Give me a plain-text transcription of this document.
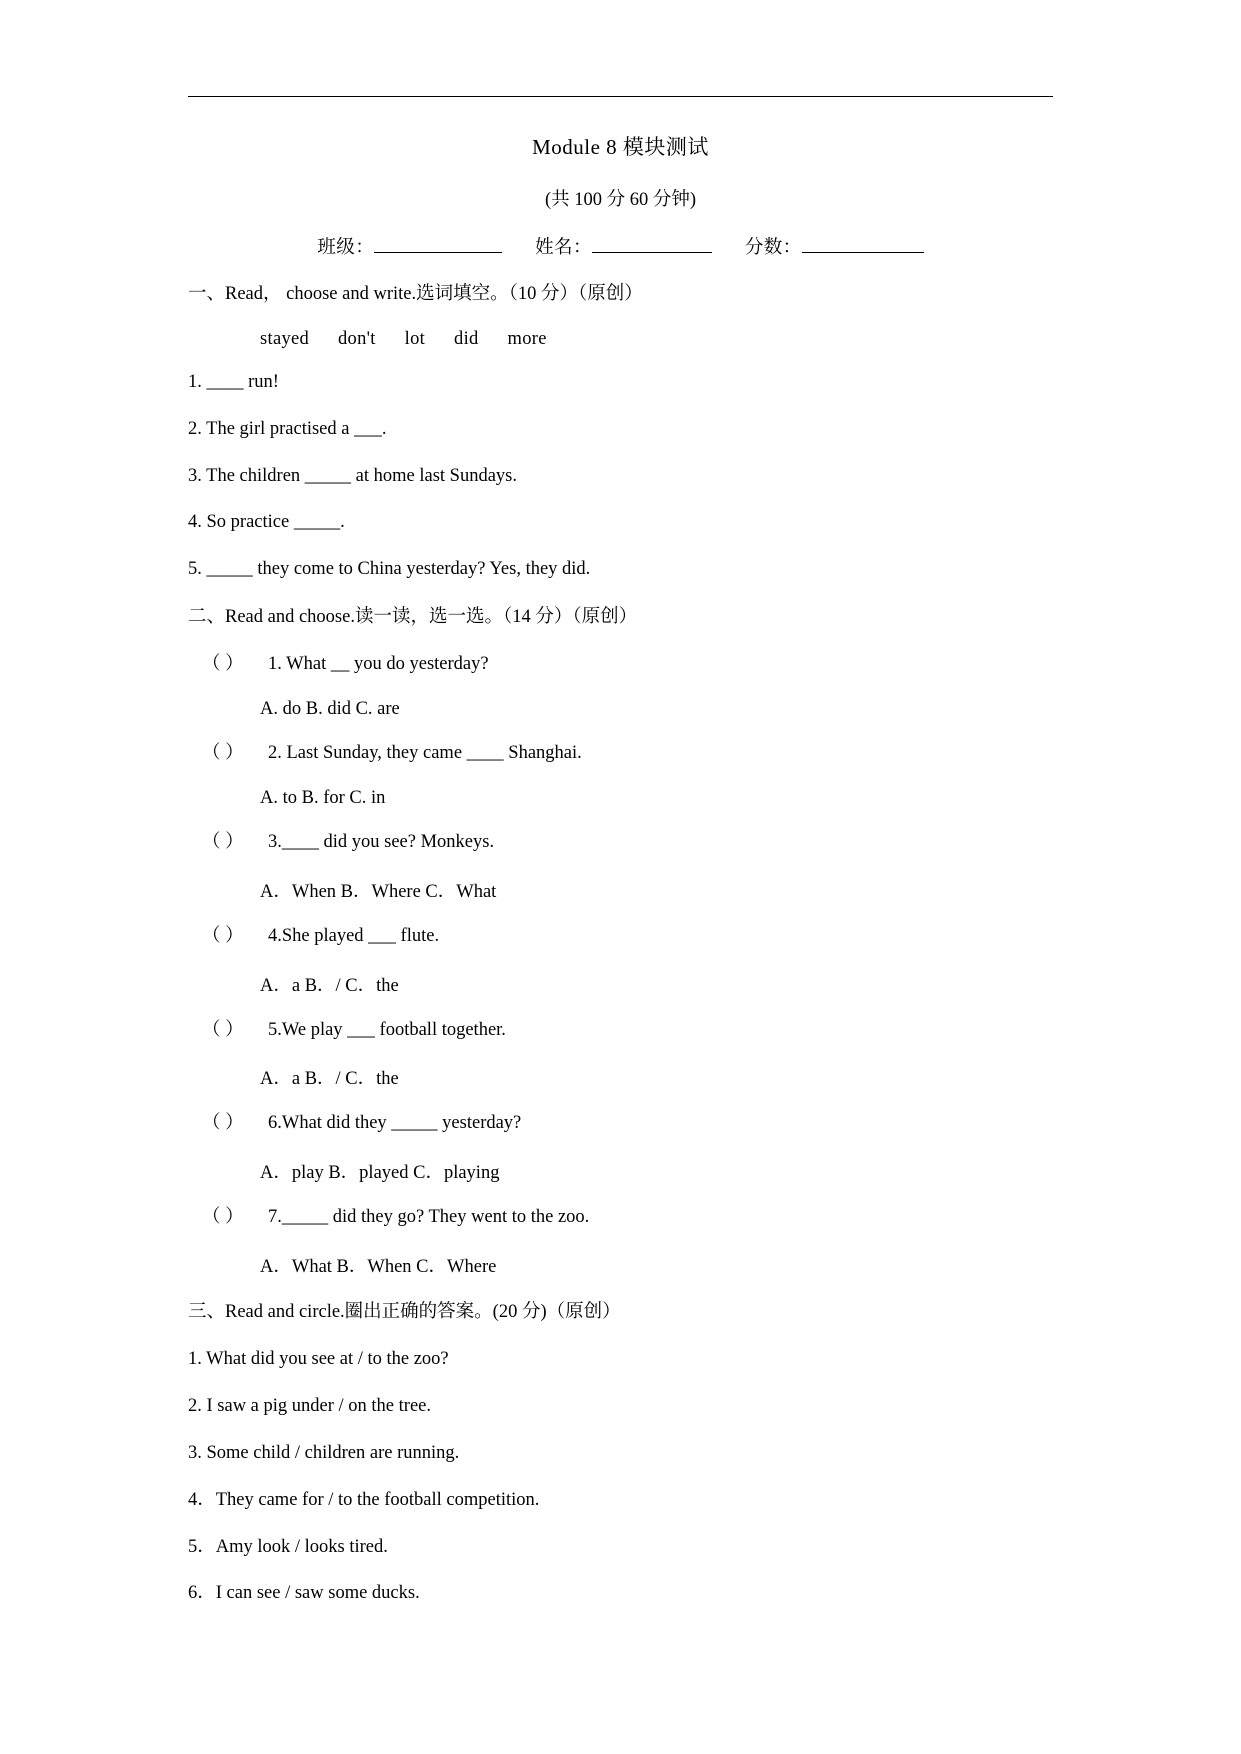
Module 8 模块测试
(共 100 分 60 分钟)
班级：	姓名：	分数：
一、Read， choose and write.选词填空。（10 分）（原创）
stayed don't lot did more
1. ____ run!
2. The girl practised a ___.
3. The children _____ at home last Sundays.
4. So practice _____.
5. _____ they come to China yesterday? Yes, they did.
二、Read and choose.读一读，选一选。（14 分）（原创）
（ ） 1. What __ you do yesterday?
A. do B. did C. are
（ ） 2. Last Sunday, they came ____ Shanghai.
A. to B. for C. in
（ ） 3.____ did you see? Monkeys.
A．When B．Where C．What
（ ） 4.She played ___ flute.
A．a B．/ C．the
（ ） 5.We play ___ football together.
A．a B．/ C．the
（ ） 6.What did they _____ yesterday?
A．play B．played C．playing
（ ） 7._____ did they go? They went to the zoo.
A．What B．When C．Where
三、Read and circle.圈出正确的答案。(20 分)（原创）
1. What did you see at / to the zoo?
2. I saw a pig under / on the tree.
3. Some child / children are running.
4．They came for / to the football competition.
5．Amy look / looks tired.
6．I can see / saw some ducks.
